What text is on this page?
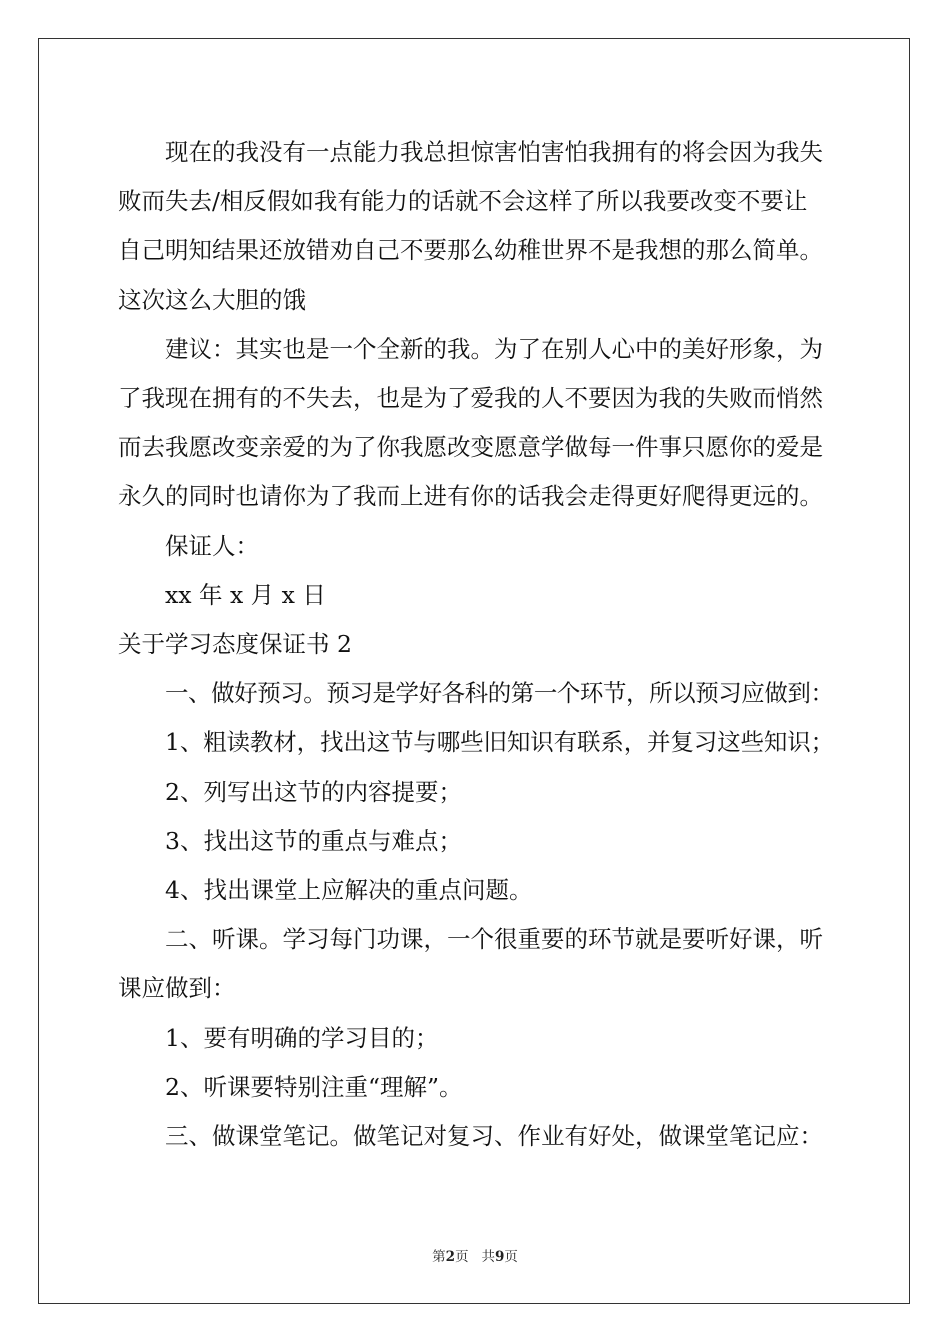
现在的我没有一点能力我总担惊害怕害怕我拥有的将会因为我失
败而失去/相反假如我有能力的话就不会这样了所以我要改变不要让
自己明知结果还放错劝自己不要那么幼稚世界不是我想的那么简单。
这次这么大胆的饿
建议：其实也是一个全新的我。为了在别人心中的美好形象，为
了我现在拥有的不失去，也是为了爱我的人不要因为我的失败而悄然
而去我愿改变亲爱的为了你我愿改变愿意学做每一件事只愿你的爱是
永久的同时也请你为了我而上进有你的话我会走得更好爬得更远的。
保证人：
xx 年 x 月 x 日
关于学习态度保证书 2
一、做好预习。预习是学好各科的第一个环节，所以预习应做到：
1、粗读教材，找出这节与哪些旧知识有联系，并复习这些知识；
2、列写出这节的内容提要；
3、找出这节的重点与难点；
4、找出课堂上应解决的重点问题。
二、听课。学习每门功课，一个很重要的环节就是要听好课，听
课应做到：
1、要有明确的学习目的；
2、听课要特别注重“理解”。
三、做课堂笔记。做笔记对复习、作业有好处，做课堂笔记应：
第2页 共9页
